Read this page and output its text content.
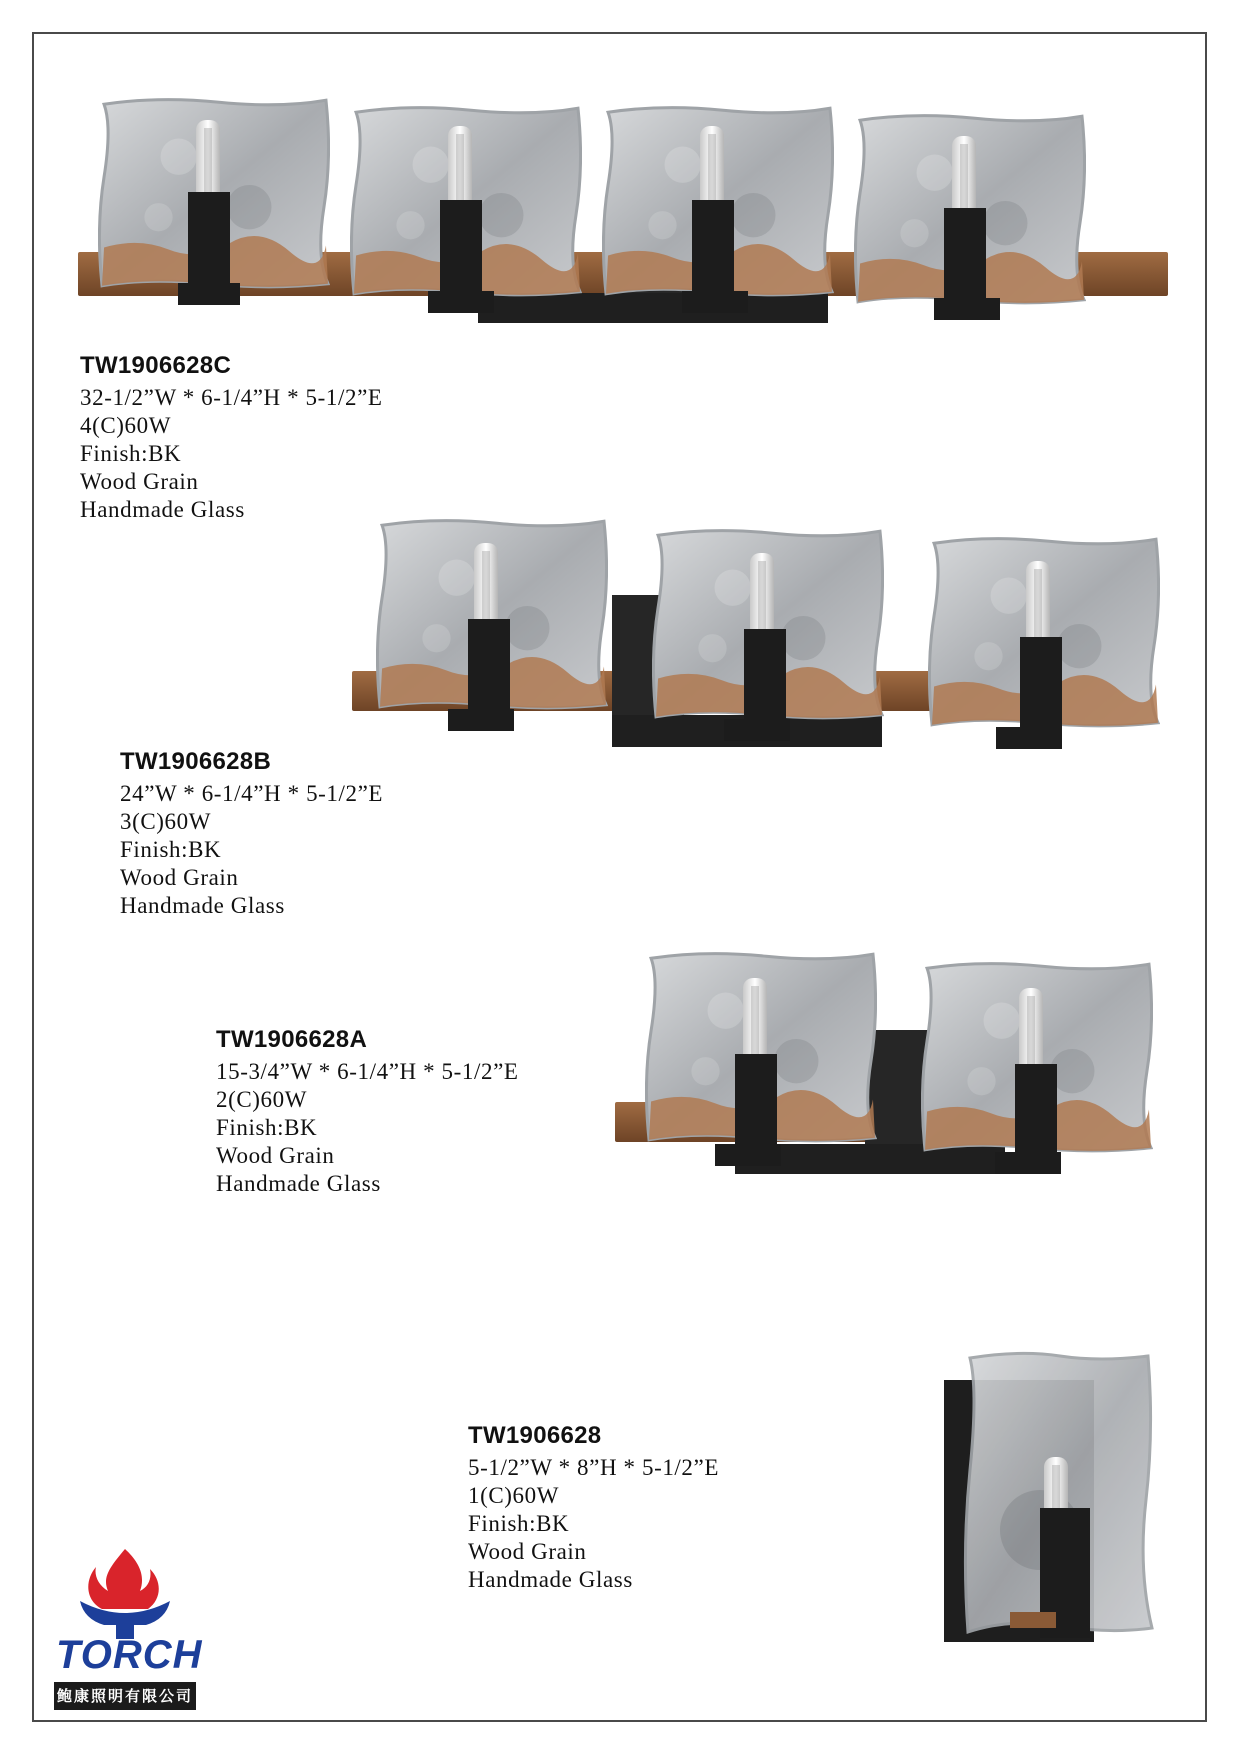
TW1906628C
32-1/2”W * 6-1/4”H * 5-1/2”E
4(C)60W
Finish:BK
Wood Grain
Handmade Glass
TW1906628B
24”W * 6-1/4”H * 5-1/2”E
3(C)60W
Finish:BK
Wood Grain
Handmade Glass
TW1906628A
15-3/4”W * 6-1/4”H * 5-1/2”E
2(C)60W
Finish:BK
Wood Grain
Handmade Glass
TW1906628
5-1/2”W * 8”H * 5-1/2”E
1(C)60W
Finish:BK
Wood Grain
Handmade Glass
TORCH
鲍康照明有限公司
